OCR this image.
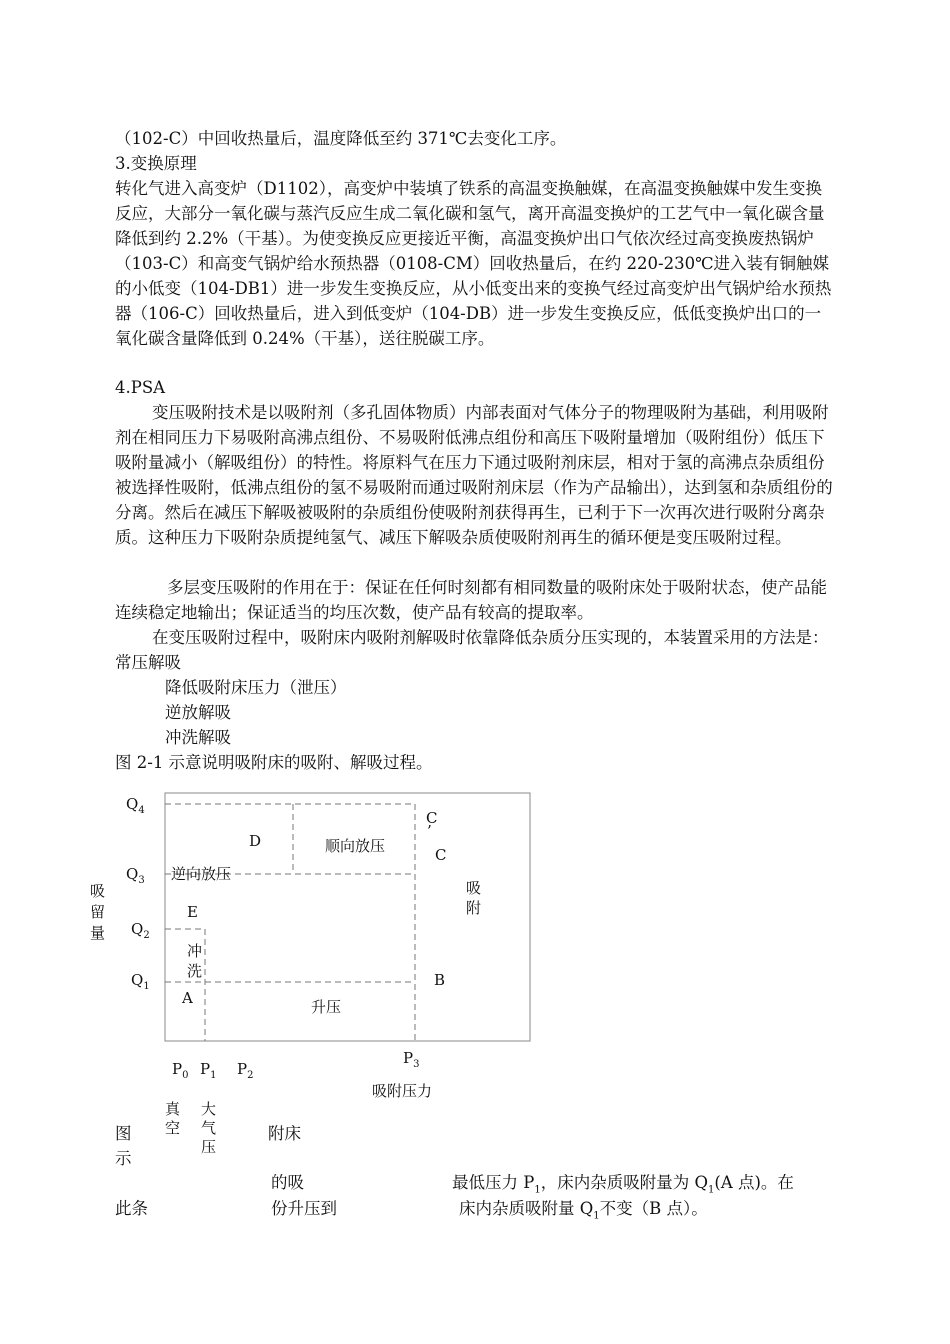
（102-C）中回收热量后，温度降低至约 371℃去变化工序。

3.变换原理

转化气进入高变炉（D1102），高变炉中装填了铁系的高温变换触媒，在高温变换触媒中发生变换反应，大部分一氧化碳与蒸汽反应生成二氧化碳和氢气，离开高温变换炉的工艺气中一氧化碳含量降低到约 2.2%（干基）。为使变换反应更接近平衡，高温变换炉出口气依次经过高变换废热锅炉（103-C）和高变气锅炉给水预热器（0108-CM）回收热量后，在约 220-230℃进入装有铜触媒的小低变（104-DB1）进一步发生变换反应，从小低变出来的变换气经过高变炉出气锅炉给水预热器（106-C）回收热量后，进入到低变炉（104-DB）进一步发生变换反应，低低变换炉出口的一氧化碳含量降低到 0.24%（干基），送往脱碳工序。

4.PSA

变压吸附技术是以吸附剂（多孔固体物质）内部表面对气体分子的物理吸附为基础，利用吸附剂在相同压力下易吸附高沸点组份、不易吸附低沸点组份和高压下吸附量增加（吸附组份）低压下吸附量减小（解吸组份）的特性。将原料气在压力下通过吸附剂床层，相对于氢的高沸点杂质组份被选择性吸附，低沸点组份的氢不易吸附而通过吸附剂床层（作为产品输出），达到氢和杂质组份的分离。然后在减压下解吸被吸附的杂质组份使吸附剂获得再生，已利于下一次再次进行吸附分离杂质。这种压力下吸附杂质提纯氢气、减压下解吸杂质使吸附剂再生的循环便是变压吸附过程。

多层变压吸附的作用在于：保证在任何时刻都有相同数量的吸附床处于吸附状态，使产品能连续稳定地输出；保证适当的均压次数，使产品有较高的提取率。

在变压吸附过程中，吸附床内吸附剂解吸时依靠降低杂质分压实现的，本装置采用的方法是：常压解吸

降低吸附床压力（泄压）
逆放解吸
冲洗解吸

图 2-1 示意说明吸附床的吸附、解吸过程。

吸
留
量
$Q_4$
$Q_3$
$Q_2$
$Q_1$
C
’
C
D
E
A
B
顺向放压
逆向放压
吸
附
冲
洗
升压
$P_0$ $P_1$ $P_2$
$P_3$
吸附压力
真
空
大
气
压
附床
图
示
的吸	最低压力 $P_1$，床内杂质吸附量为 $Q_1(A$ 点)。在
此条	份升压到	床内杂质吸附量 $Q_1$不变（B 点）。
